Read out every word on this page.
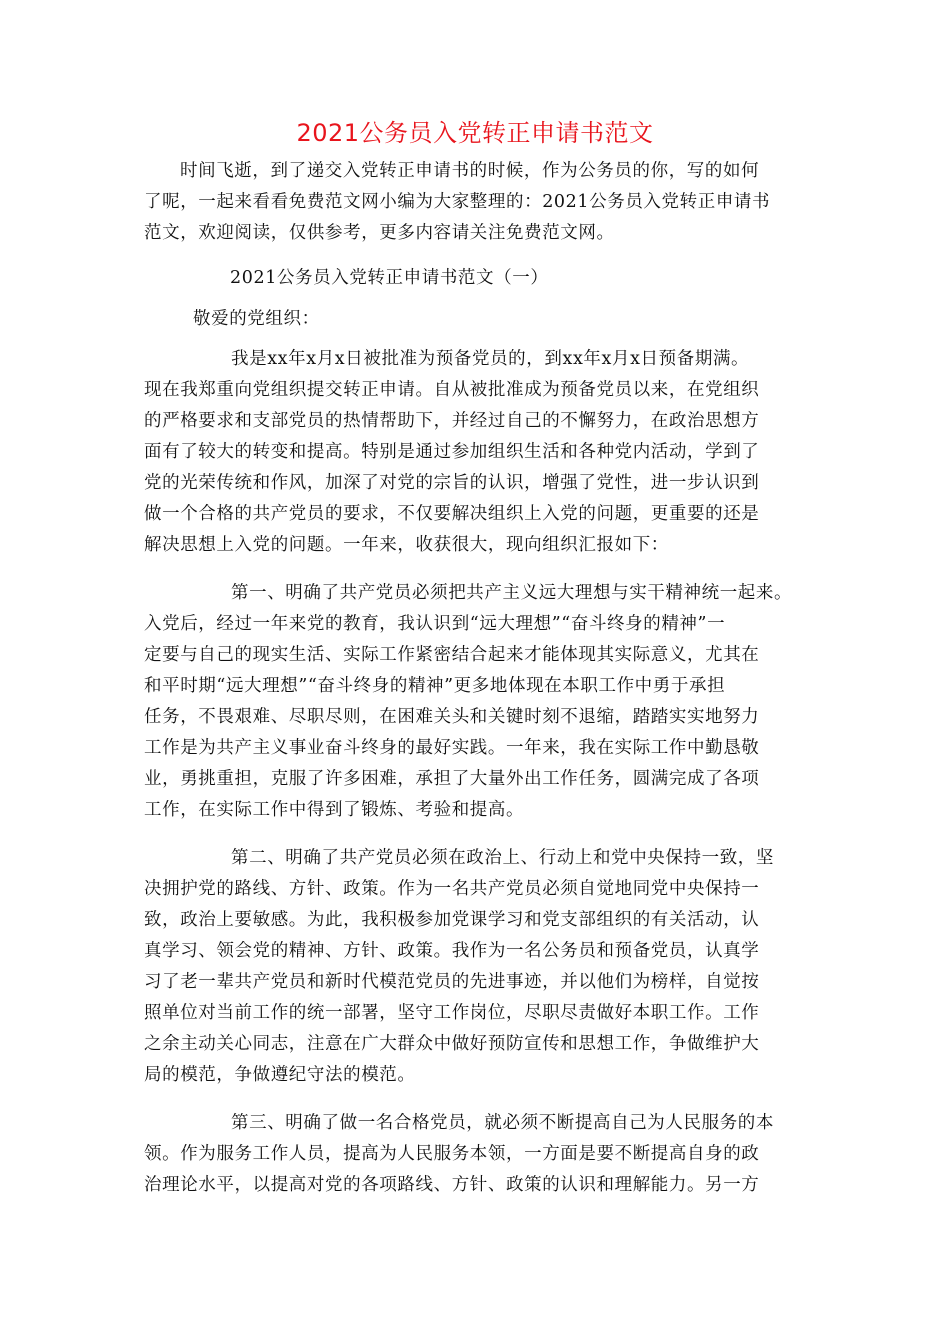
2021公务员入党转正申请书范文
时间飞逝，到了递交入党转正申请书的时候，作为公务员的你，写的如何
了呢，一起来看看免费范文网小编为大家整理的：2021公务员入党转正申请书
范文，欢迎阅读，仅供参考，更多内容请关注免费范文网。
2021公务员入党转正申请书范文（一）
敬爱的党组织：
我是xx年x月x日被批准为预备党员的，到xx年x月x日预备期满。
现在我郑重向党组织提交转正申请。自从被批准成为预备党员以来，在党组织
的严格要求和支部党员的热情帮助下，并经过自己的不懈努力，在政治思想方
面有了较大的转变和提高。特别是通过参加组织生活和各种党内活动，学到了
党的光荣传统和作风，加深了对党的宗旨的认识，增强了党性，进一步认识到
做一个合格的共产党员的要求，不仅要解决组织上入党的问题，更重要的还是
解决思想上入党的问题。一年来，收获很大，现向组织汇报如下：
第一、明确了共产党员必须把共产主义远大理想与实干精神统一起来。
入党后，经过一年来党的教育，我认识到“远大理想”“奋斗终身的精神”一
定要与自己的现实生活、实际工作紧密结合起来才能体现其实际意义，尤其在
和平时期“远大理想”“奋斗终身的精神”更多地体现在本职工作中勇于承担
任务，不畏艰难、尽职尽则，在困难关头和关键时刻不退缩，踏踏实实地努力
工作是为共产主义事业奋斗终身的最好实践。一年来，我在实际工作中勤恳敬
业，勇挑重担，克服了许多困难，承担了大量外出工作任务，圆满完成了各项
工作，在实际工作中得到了锻炼、考验和提高。
第二、明确了共产党员必须在政治上、行动上和党中央保持一致，坚
决拥护党的路线、方针、政策。作为一名共产党员必须自觉地同党中央保持一
致，政治上要敏感。为此，我积极参加党课学习和党支部组织的有关活动，认
真学习、领会党的精神、方针、政策。我作为一名公务员和预备党员，认真学
习了老一辈共产党员和新时代模范党员的先进事迹，并以他们为榜样，自觉按
照单位对当前工作的统一部署，坚守工作岗位，尽职尽责做好本职工作。工作
之余主动关心同志，注意在广大群众中做好预防宣传和思想工作，争做维护大
局的模范，争做遵纪守法的模范。
第三、明确了做一名合格党员，就必须不断提高自己为人民服务的本
领。作为服务工作人员，提高为人民服务本领，一方面是要不断提高自身的政
治理论水平，以提高对党的各项路线、方针、政策的认识和理解能力。另一方
